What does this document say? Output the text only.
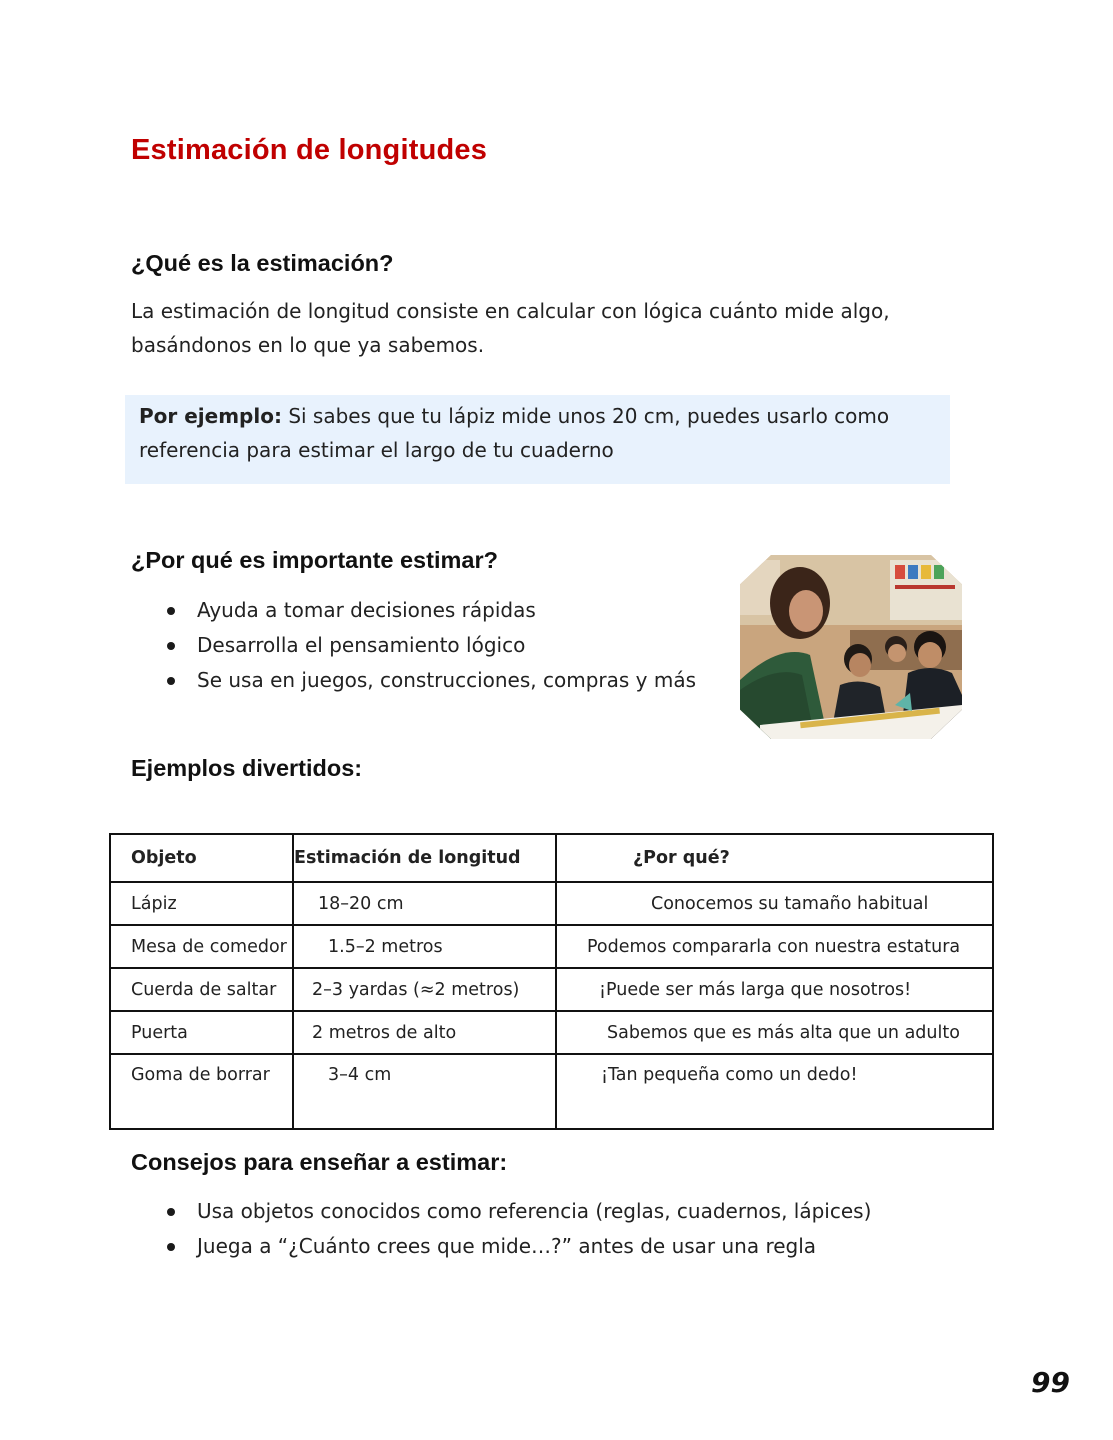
Estimación de longitudes
¿Qué es la estimación?

La estimación de longitud consiste en calcular con lógica cuánto mide algo,
basándonos en lo que ya sabemos.

Por ejemplo: Si sabes que tu lápiz mide unos 20 cm, puedes usarlo como
referencia para estimar el largo de tu cuaderno
¿Por qué es importante estimar?
Ayuda a tomar decisiones rápidas
Desarrolla el pensamiento lógico
Se usa en juegos, construcciones, compras y más
Ejemplos divertidos:
Objeto	Estimación de longitud	¿Por qué?
Lápiz	18–20 cm	Conocemos su tamaño habitual
Mesa de comedor	1.5–2 metros	Podemos compararla con nuestra estatura
Cuerda de saltar	2–3 yardas (≈2 metros)	¡Puede ser más larga que nosotros!
Puerta	2 metros de alto	Sabemos que es más alta que un adulto
Goma de borrar	3–4 cm	¡Tan pequeña como un dedo!
Consejos para enseñar a estimar:
Usa objetos conocidos como referencia (reglas, cuadernos, lápices)
Juega a “¿Cuánto crees que mide…?” antes de usar una regla
99
